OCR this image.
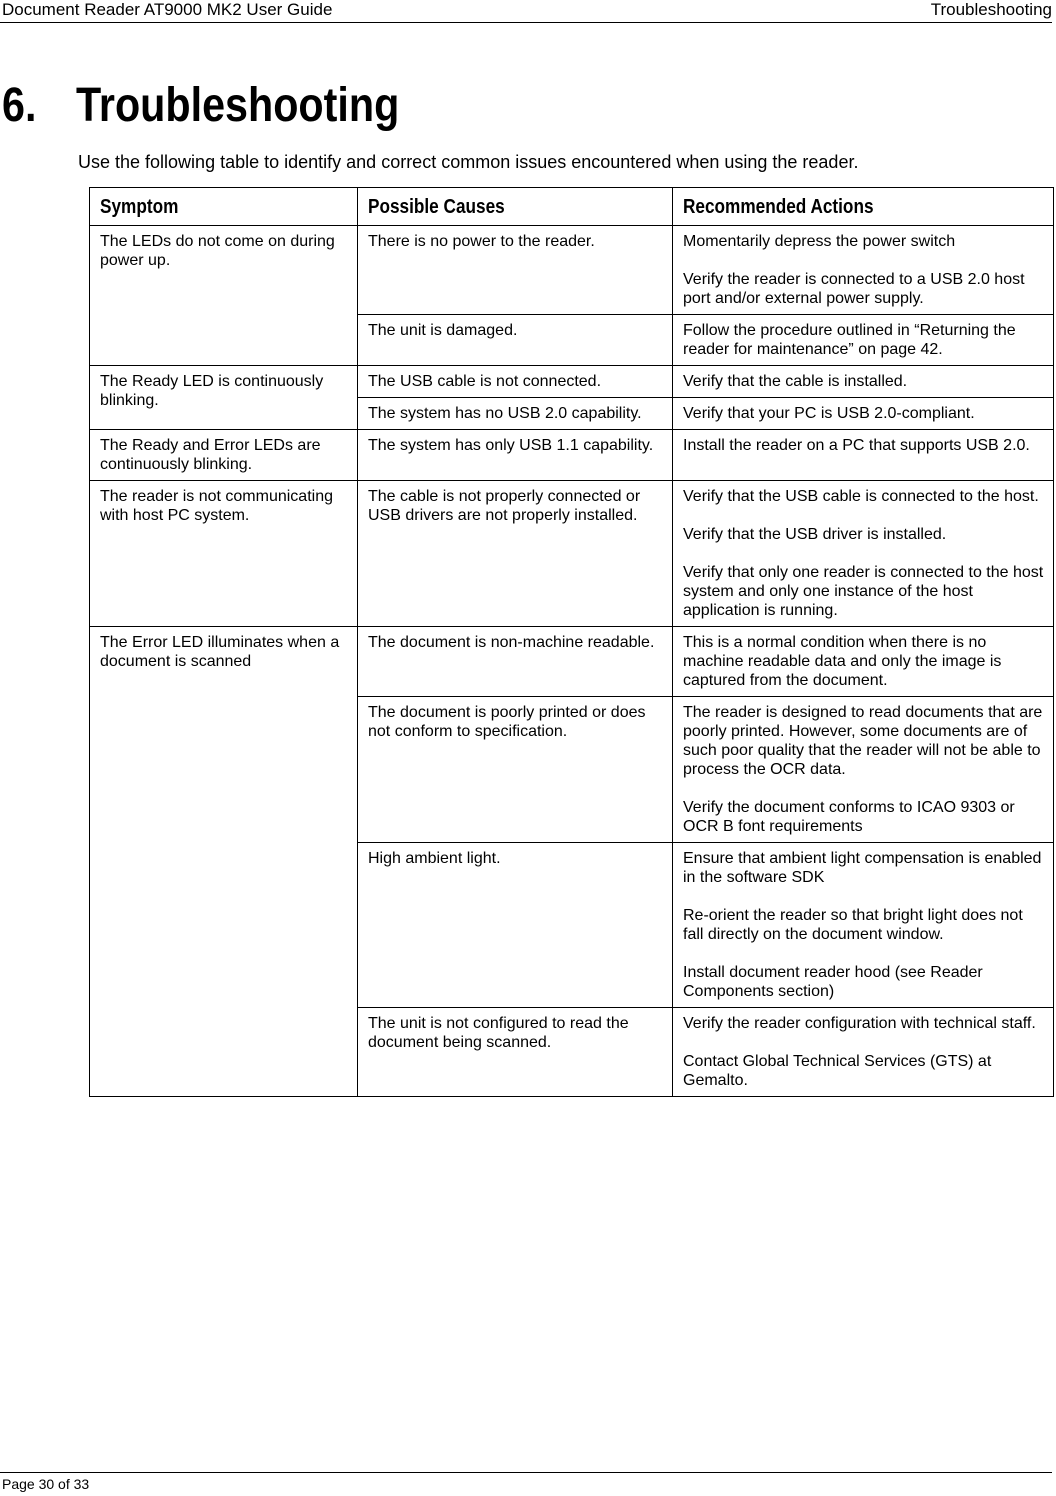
Document Reader AT9000 MK2 User Guide	Troubleshooting
6. Troubleshooting
Use the following table to identify and correct common issues encountered when using the reader.
Symptom	Possible Causes	Recommended Actions
The LEDs do not come on during power up.	There is no power to the reader.	Momentarily depress the power switch

Verify the reader is connected to a USB 2.0 host port and/or external power supply.

	The unit is damaged.	Follow the procedure outlined in “Returning the reader for maintenance” on page 42.

The Ready LED is continuously blinking.	The USB cable is not connected.	Verify that the cable is installed.

	The system has no USB 2.0 capability.	Verify that your PC is USB 2.0-compliant.

The Ready and Error LEDs are continuously blinking.	The system has only USB 1.1 capability.	Install the reader on a PC that supports USB 2.0.

The reader is not communicating with host PC system.	The cable is not properly connected or USB drivers are not properly installed.	Verify that the USB cable is connected to the host.

Verify that the USB driver is installed.

Verify that only one reader is connected to the host system and only one instance of the host application is running.

The Error LED illuminates when a document is scanned	The document is non-machine readable.	This is a normal condition when there is no machine readable data and only the image is captured from the document.

	The document is poorly printed or does not conform to specification.	The reader is designed to read documents that are poorly printed. However, some documents are of such poor quality that the reader will not be able to process the OCR data.

Verify the document conforms to ICAO 9303 or OCR B font requirements

	High ambient light.	Ensure that ambient light compensation is enabled in the software SDK

Re-orient the reader so that bright light does not fall directly on the document window.

Install document reader hood (see Reader Components section)

	The unit is not configured to read the document being scanned.	Verify the reader configuration with technical staff.

Contact Global Technical Services (GTS) at Gemalto.

Page 30 of 33
